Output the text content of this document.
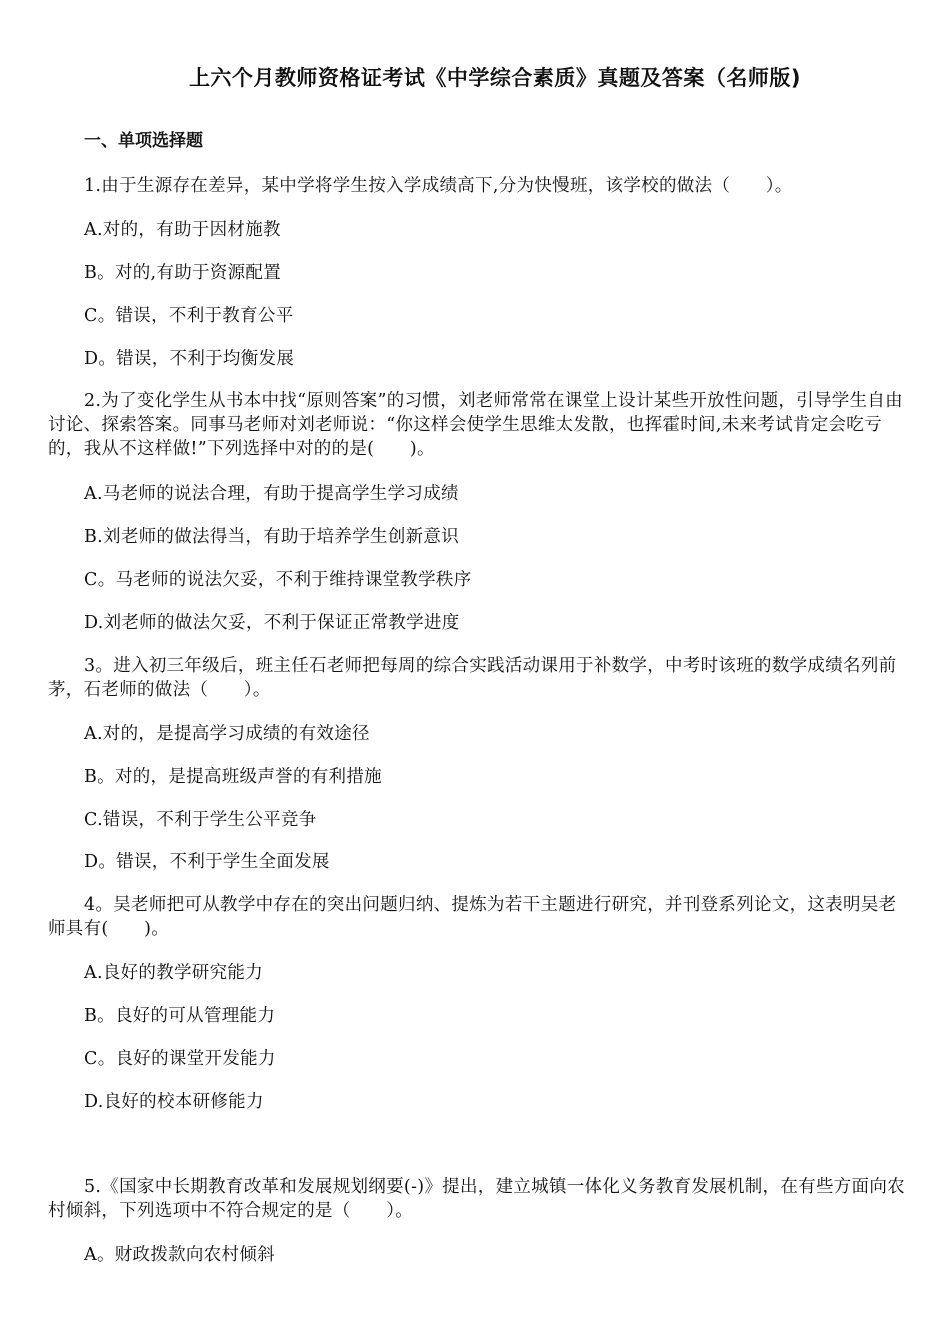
上六个月教师资格证考试《中学综合素质》真题及答案（名师版)
一、单项选择题
1.由于生源存在差异，某中学将学生按入学成绩高下,分为快慢班，该学校的做法（　　）。
A.对的，有助于因材施教
B。对的,有助于资源配置
C。错误，不利于教育公平
D。错误，不利于均衡发展
2.为了变化学生从书本中找“原则答案”的习惯，刘老师常常在课堂上设计某些开放性问题，引导学生自由讨论、探索答案。同事马老师对刘老师说：“你这样会使学生思维太发散，也挥霍时间,未来考试肯定会吃亏的，我从不这样做!”下列选择中对的的是(　　)。
A.马老师的说法合理，有助于提高学生学习成绩
B.刘老师的做法得当，有助于培养学生创新意识
C。马老师的说法欠妥，不利于维持课堂教学秩序
D.刘老师的做法欠妥，不利于保证正常教学进度
3。进入初三年级后，班主任石老师把每周的综合实践活动课用于补数学，中考时该班的数学成绩名列前茅，石老师的做法（　　）。
A.对的，是提高学习成绩的有效途径
B。对的，是提高班级声誉的有利措施
C.错误，不利于学生公平竞争
D。错误，不利于学生全面发展
4。吴老师把可从教学中存在的突出问题归纳、提炼为若干主题进行研究，并刊登系列论文，这表明吴老师具有(　　)。
A.良好的教学研究能力
B。良好的可从管理能力
C。良好的课堂开发能力
D.良好的校本研修能力
5.《国家中长期教育改革和发展规划纲要(-)》提出，建立城镇一体化义务教育发展机制，在有些方面向农村倾斜，下列选项中不符合规定的是（　　）。
A。财政拨款向农村倾斜
